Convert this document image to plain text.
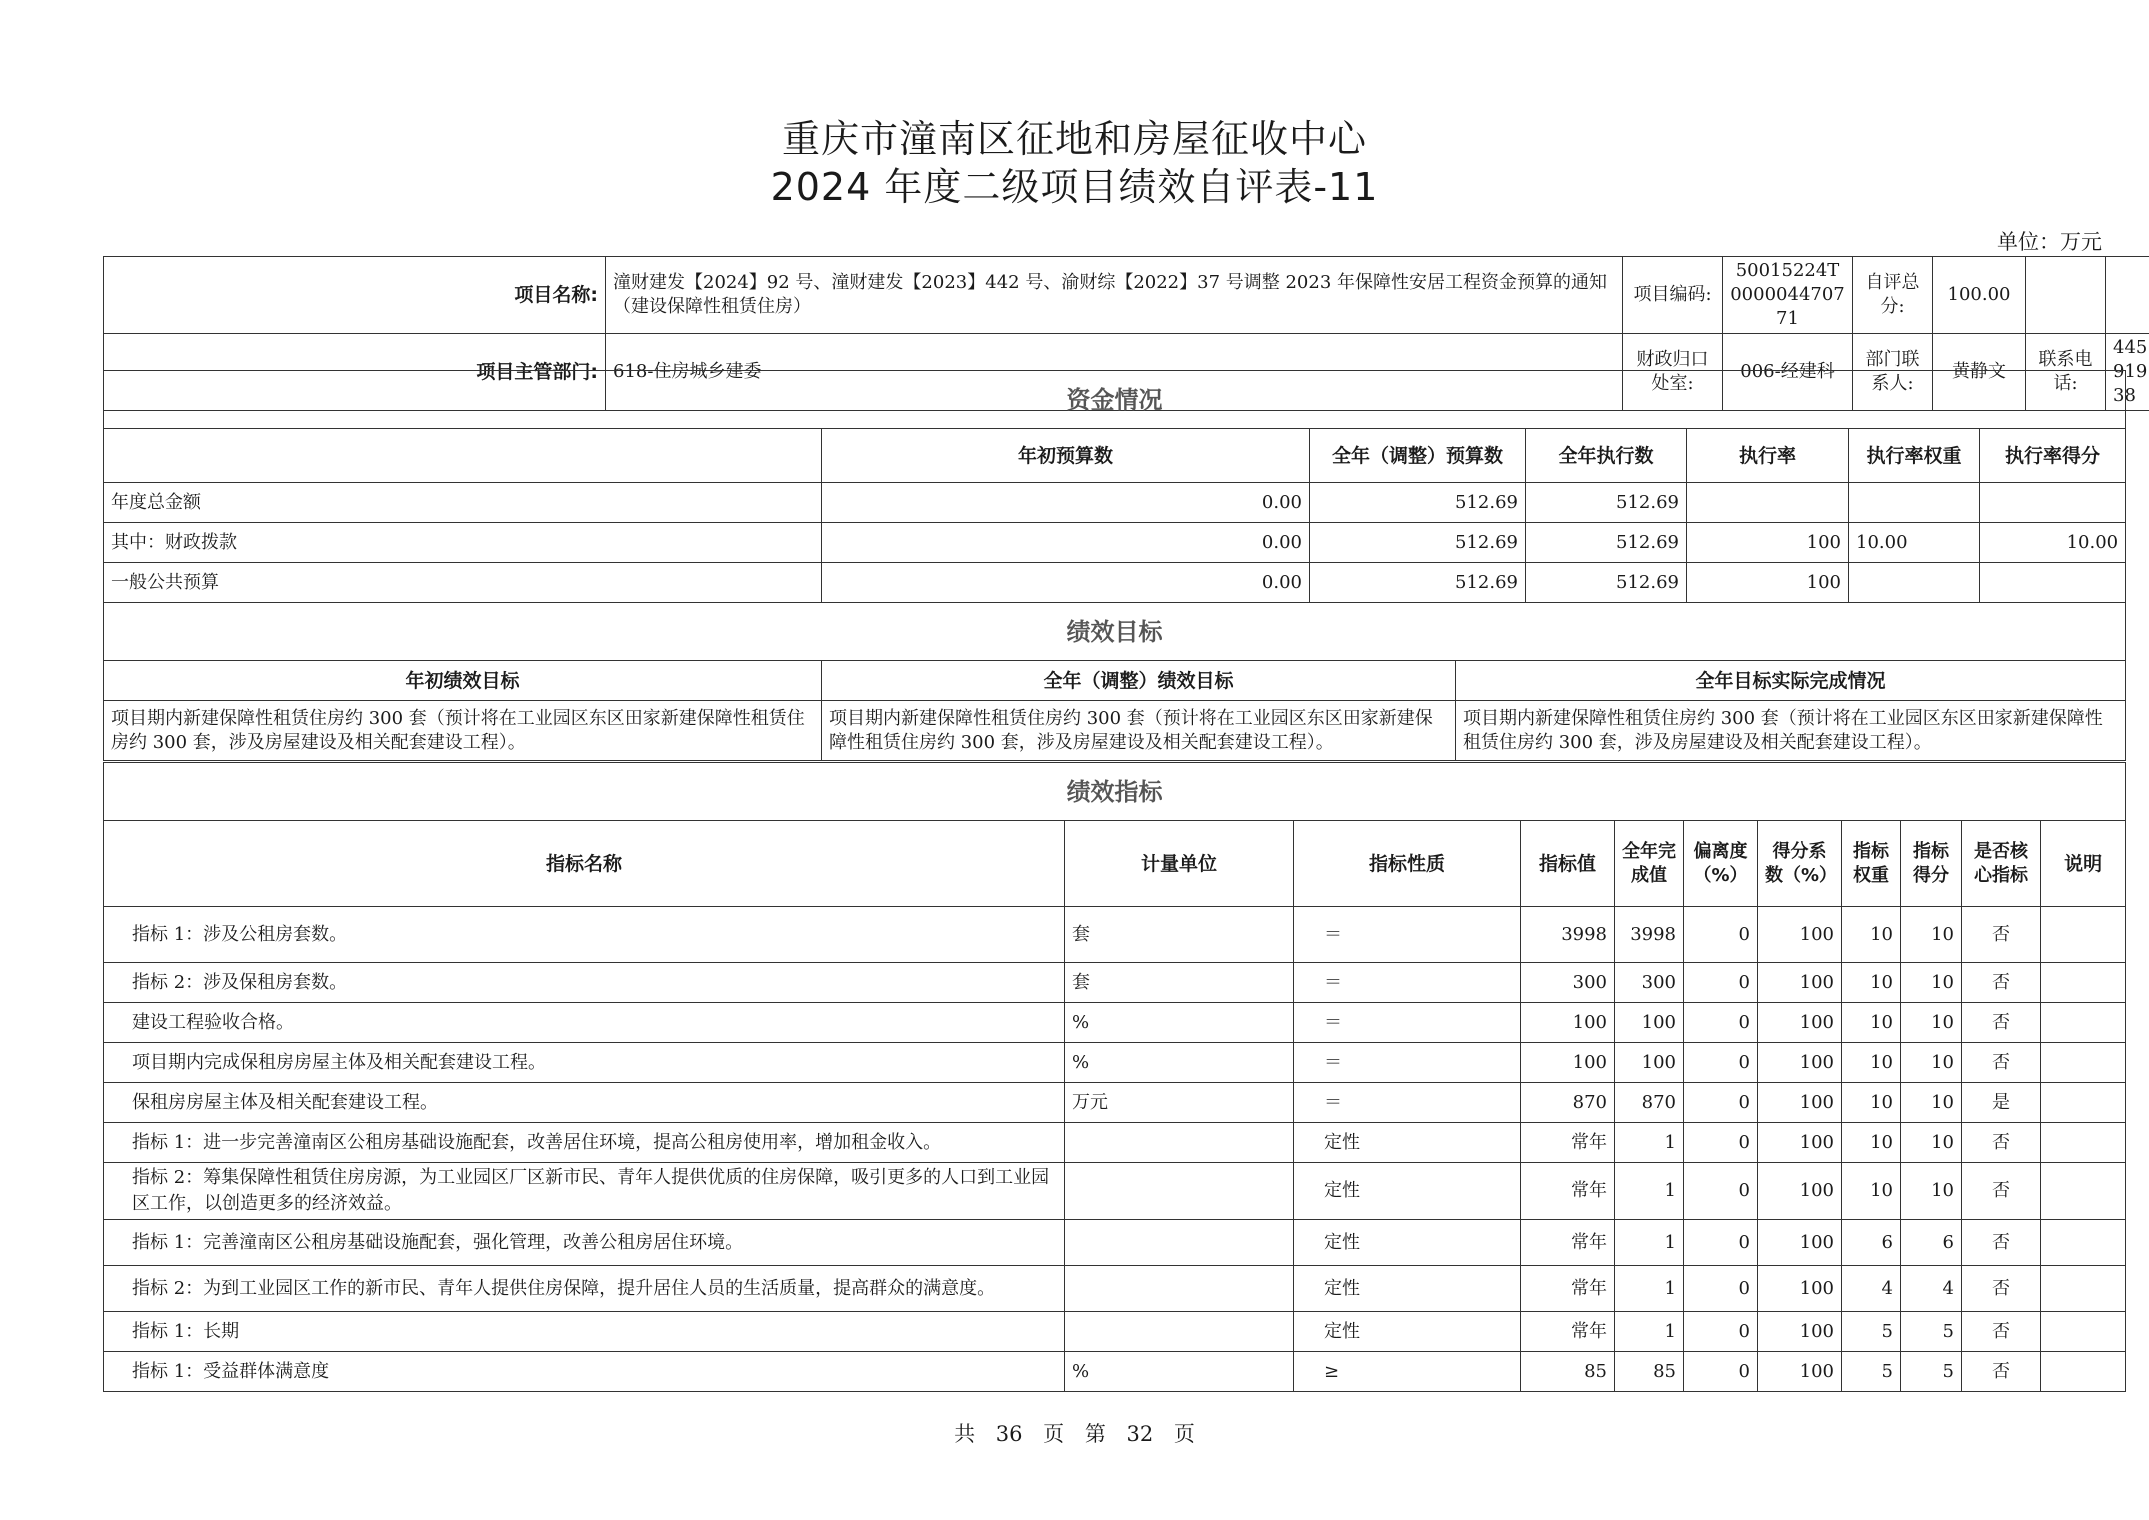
重庆市潼南区征地和房屋征收中心
2024 年度二级项目绩效自评表-11
单位：万元
项目名称:	潼财建发【2024】92 号、潼财建发【2023】442 号、渝财综【2022】37 号调整 2023 年保障性安居工程资金预算的通知（建设保障性租赁住房）	项目编码:	50015224T000004470771	自评总分:	100.00		
项目主管部门:	618-住房城乡建委	财政归口处室:	006-经建科	部门联系人:	黄静文	联系电话:	44591938
资金情况						
	年初预算数	全年（调整）预算数	全年执行数	执行率	执行率权重	执行率得分
年度总金额	0.00	512.69	512.69			
其中：财政拨款	0.00	512.69	512.69	100	10.00	10.00
一般公共预算	0.00	512.69	512.69	100		
绩效目标		
年初绩效目标	全年（调整）绩效目标	全年目标实际完成情况
项目期内新建保障性租赁住房约 300 套（预计将在工业园区东区田家新建保障性租赁住房约 300 套，涉及房屋建设及相关配套建设工程）。	项目期内新建保障性租赁住房约 300 套（预计将在工业园区东区田家新建保障性租赁住房约 300 套，涉及房屋建设及相关配套建设工程）。	项目期内新建保障性租赁住房约 300 套（预计将在工业园区东区田家新建保障性租赁住房约 300 套，涉及房屋建设及相关配套建设工程）。
绩效指标										
指标名称	计量单位	指标性质	指标值	全年完成值	偏离度（%）	得分系数（%）	指标权重	指标得分	是否核心指标	说明
指标 1：涉及公租房套数。	套	＝	3998	3998	0	100	10	10	否	
指标 2：涉及保租房套数。	套	＝	300	300	0	100	10	10	否	
建设工程验收合格。	%	＝	100	100	0	100	10	10	否	
项目期内完成保租房房屋主体及相关配套建设工程。	%	＝	100	100	0	100	10	10	否	
保租房房屋主体及相关配套建设工程。	万元	＝	870	870	0	100	10	10	是	
指标 1：进一步完善潼南区公租房基础设施配套，改善居住环境，提高公租房使用率，增加租金收入。		定性	常年	1	0	100	10	10	否	
指标 2：筹集保障性租赁住房房源，为工业园区厂区新市民、青年人提供优质的住房保障，吸引更多的人口到工业园区工作，以创造更多的经济效益。		定性	常年	1	0	100	10	10	否	
指标 1：完善潼南区公租房基础设施配套，强化管理，改善公租房居住环境。		定性	常年	1	0	100	6	6	否	
指标 2：为到工业园区工作的新市民、青年人提供住房保障，提升居住人员的生活质量，提高群众的满意度。		定性	常年	1	0	100	4	4	否	
指标 1：长期		定性	常年	1	0	100	5	5	否	
指标 1：受益群体满意度	%	≥	85	85	0	100	5	5	否	
共 36 页 第 32 页
